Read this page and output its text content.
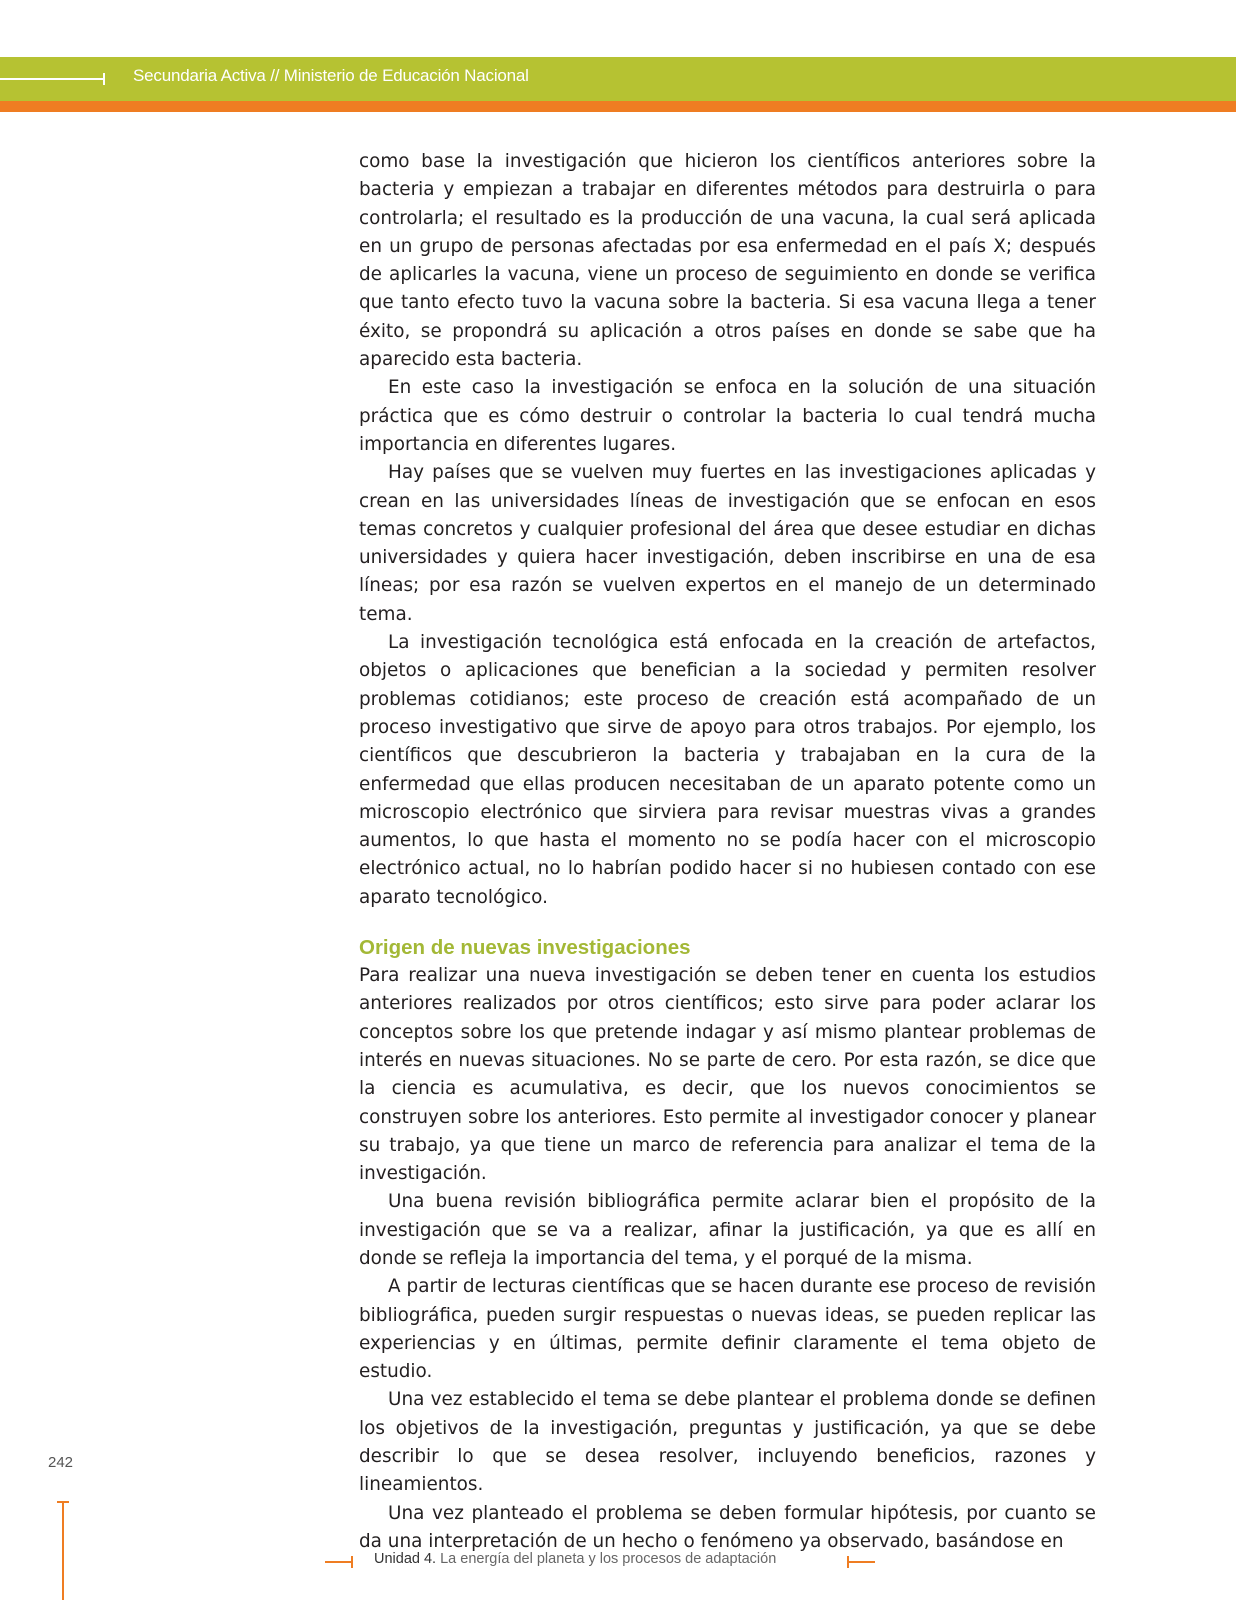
Secundaria Activa // Ministerio de Educación Nacional

como base la investigación que hicieron los científicos anteriores sobre la bacteria y empiezan a trabajar en diferentes métodos para destruirla o para controlarla; el resultado es la producción de una vacuna, la cual será aplicada en un grupo de personas afectadas por esa enfermedad en el país X; después de aplicarles la vacuna, viene un proceso de seguimiento en donde se verifica que tanto efecto tuvo la vacuna sobre la bacteria. Si esa vacuna llega a tener éxito, se propondrá su aplicación a otros países en donde se sabe que ha aparecido esta bacteria.

En este caso la investigación se enfoca en la solución de una situación práctica que es cómo destruir o controlar la bacteria lo cual tendrá mucha importancia en diferentes lugares.

Hay países que se vuelven muy fuertes en las investigaciones aplicadas y crean en las universidades líneas de investigación que se enfocan en esos temas concretos y cualquier profesional del área que desee estudiar en dichas universidades y quiera hacer investigación, deben inscribirse en una de esa líneas; por esa razón se vuelven expertos en el manejo de un determinado tema.

La investigación tecnológica está enfocada en la creación de artefactos, objetos o aplicaciones que benefician a la sociedad y permiten resolver problemas cotidianos; este proceso de creación está acompañado de un proceso investigativo que sirve de apoyo para otros trabajos. Por ejemplo, los científicos que descubrieron la bacteria y trabajaban en la cura de la enfermedad que ellas producen necesitaban de un aparato potente como un microscopio electrónico que sirviera para revisar muestras vivas a grandes aumentos, lo que hasta el momento no se podía hacer con el microscopio electrónico actual, no lo habrían podido hacer si no hubiesen contado con ese aparato tecnológico.

Origen de nuevas investigaciones

Para realizar una nueva investigación se deben tener en cuenta los estudios anteriores realizados por otros científicos; esto sirve para poder aclarar los conceptos sobre los que pretende indagar y así mismo plantear problemas de interés en nuevas situaciones. No se parte de cero. Por esta razón, se dice que la ciencia es acumulativa, es decir, que los nuevos conocimientos se construyen sobre los anteriores. Esto permite al investigador conocer y planear su trabajo, ya que tiene un marco de referencia para analizar el tema de la investigación.

Una buena revisión bibliográfica permite aclarar bien el propósito de la investigación que se va a realizar, afinar la justificación, ya que es allí en donde se refleja la importancia del tema, y el porqué de la misma.

A partir de lecturas científicas que se hacen durante ese proceso de revisión bibliográfica, pueden surgir respuestas o nuevas ideas, se pueden replicar las experiencias y en últimas, permite definir claramente el tema objeto de estudio.

Una vez establecido el tema se debe plantear el problema donde se definen los objetivos de la investigación, preguntas y justificación, ya que se debe describir lo que se desea resolver, incluyendo beneficios, razones y lineamientos.

Una vez planteado el problema se deben formular hipótesis, por cuanto se da una interpretación de un hecho o fenómeno ya observado, basándose en

242
Unidad 4. La energía del planeta y los procesos de adaptación
